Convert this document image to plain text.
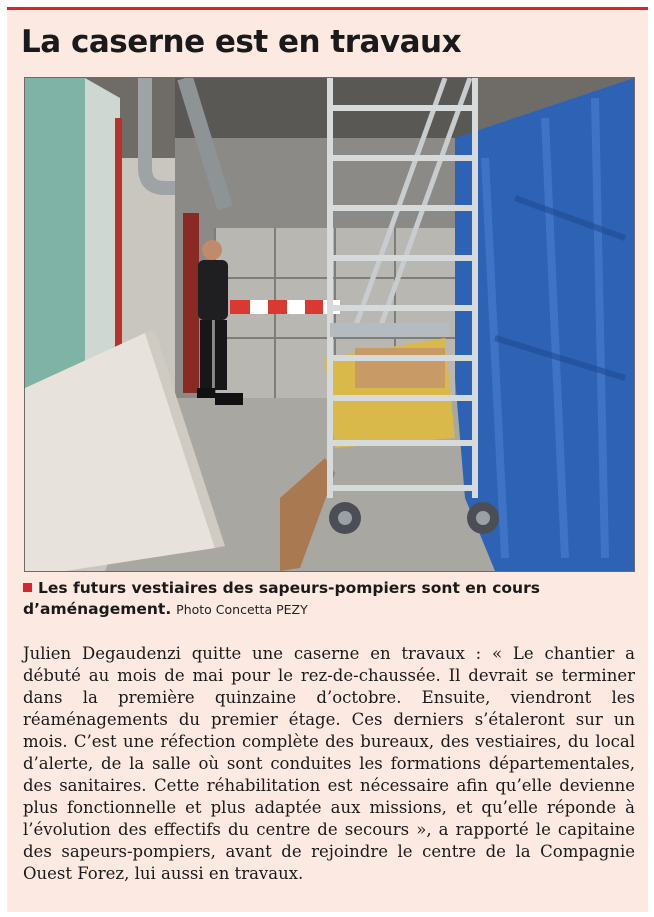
La caserne est en travaux
Les futurs vestiaires des sapeurs-pompiers sont en cours d’aménagement. Photo Concetta PEZY

Julien Degaudenzi quitte une caserne en travaux : « Le chantier a débuté au mois de mai pour le rez-de-chaussée. Il devrait se terminer dans la première quinzaine d’octobre. Ensuite, viendront les réaménagements du premier étage. Ces derniers s’étaleront sur un mois. C’est une réfection complète des bureaux, des vestiaires, du local d’alerte, de la salle où sont conduites les formations départementales, des sanitaires. Cette réhabilitation est nécessaire afin qu’elle devienne plus fonctionnelle et plus adaptée aux missions, et qu’elle réponde à l’évolution des effectifs du centre de secours », a rapporté le capitaine des sapeurs-pompiers, avant de rejoindre le centre de la Compagnie Ouest Forez, lui aussi en travaux.
